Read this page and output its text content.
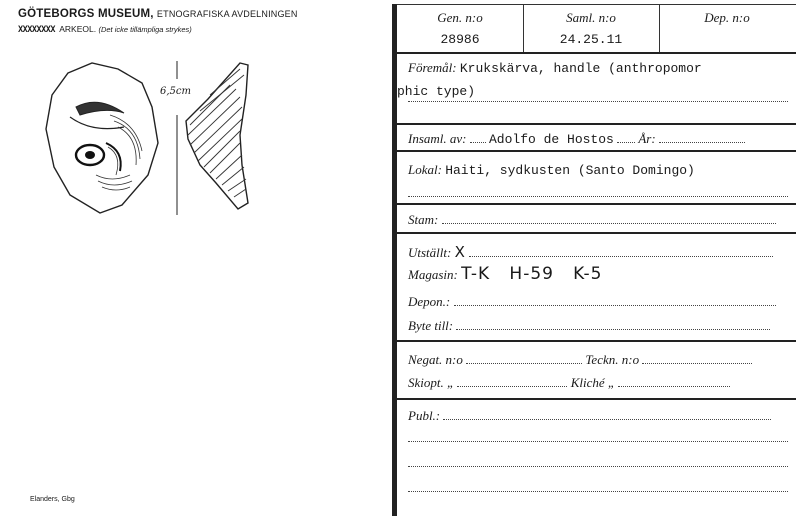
GÖTEBORGS MUSEUM, ETNOGRAFISKA AVDELNINGEN
XXXXXXXX ARKEOL. (Det icke tillämpliga strykes)
6,5cm
Elanders, Gbg
Gen. n:o
28986
Saml. n:o
24.25.11
Dep. n:o
Föremål: Krukskärva, handle (anthropomor
phic type)
Insaml. av: Adolfo de Hostos År:
Lokal: Haiti, sydkusten (Santo Domingo)
Stam:
Utställt: X
Magasin: T-K   H-59   K-5
Depon.:
Byte till:
Negat. n:o	Teckn. n:o
Skiopt. „	Kliché „
Publ.:
